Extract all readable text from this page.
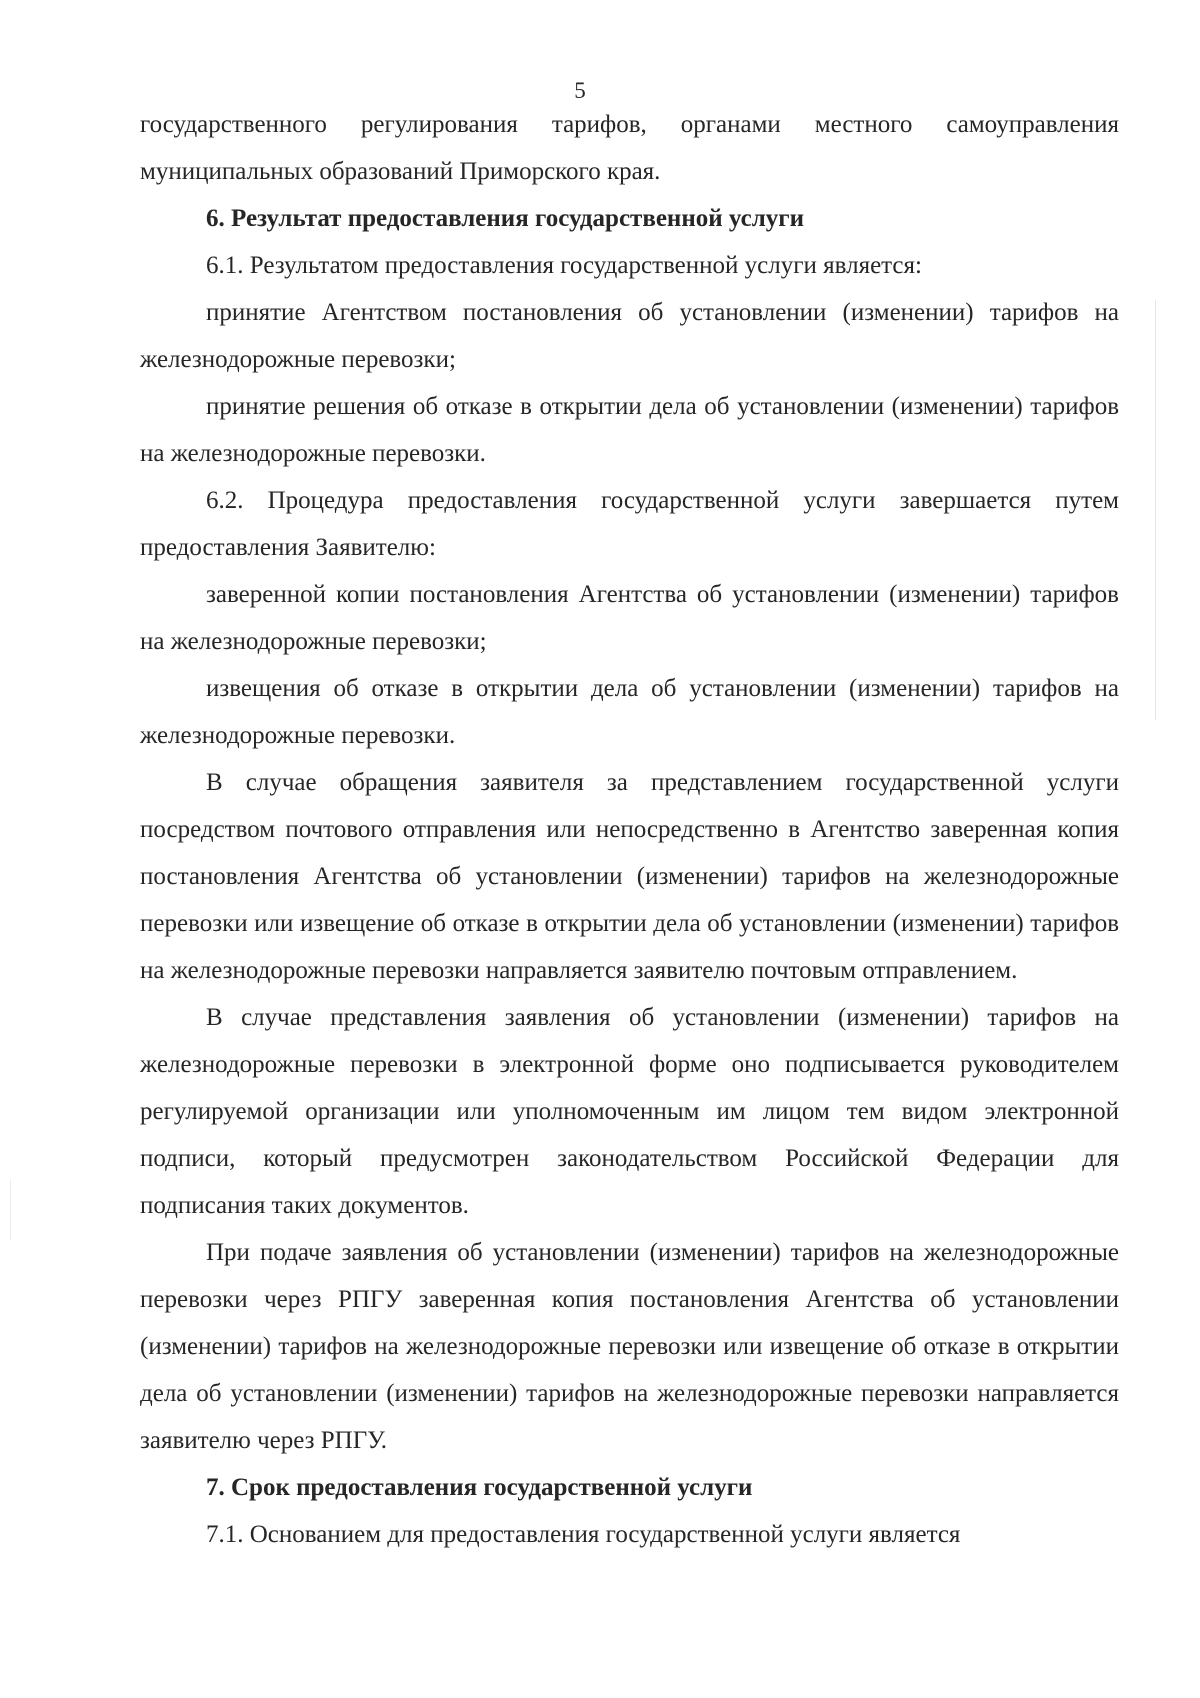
5

государственного регулирования тарифов, органами местного самоуправления муниципальных образований Приморского края.

6. Результат предоставления государственной услуги

6.1. Результатом предоставления государственной услуги является:

принятие Агентством постановления об установлении (изменении) тарифов на железнодорожные перевозки;

принятие решения об отказе в открытии дела об установлении (изменении) тарифов на железнодорожные перевозки.

6.2. Процедура предоставления государственной услуги завершается путем предоставления Заявителю:

заверенной копии постановления Агентства об установлении (изменении) тарифов на железнодорожные перевозки;

извещения об отказе в открытии дела об установлении (изменении) тарифов на железнодорожные перевозки.

В случае обращения заявителя за представлением государственной услуги посредством почтового отправления или непосредственно в Агентство заверенная копия постановления Агентства об установлении (изменении) тарифов на железнодорожные перевозки или извещение об отказе в открытии дела об установлении (изменении) тарифов на железнодорожные перевозки направляется заявителю почтовым отправлением.

В случае представления заявления об установлении (изменении) тарифов на железнодорожные перевозки в электронной форме оно подписывается руководителем регулируемой организации или уполномоченным им лицом тем видом электронной подписи, который предусмотрен законодательством Российской Федерации для подписания таких документов.

При подаче заявления об установлении (изменении) тарифов на железнодорожные перевозки через РПГУ заверенная копия постановления Агентства об установлении (изменении) тарифов на железнодорожные перевозки или извещение об отказе в открытии дела об установлении (изменении) тарифов на железнодорожные перевозки направляется заявителю через РПГУ.

7. Срок предоставления государственной услуги

7.1. Основанием для предоставления государственной услуги является
